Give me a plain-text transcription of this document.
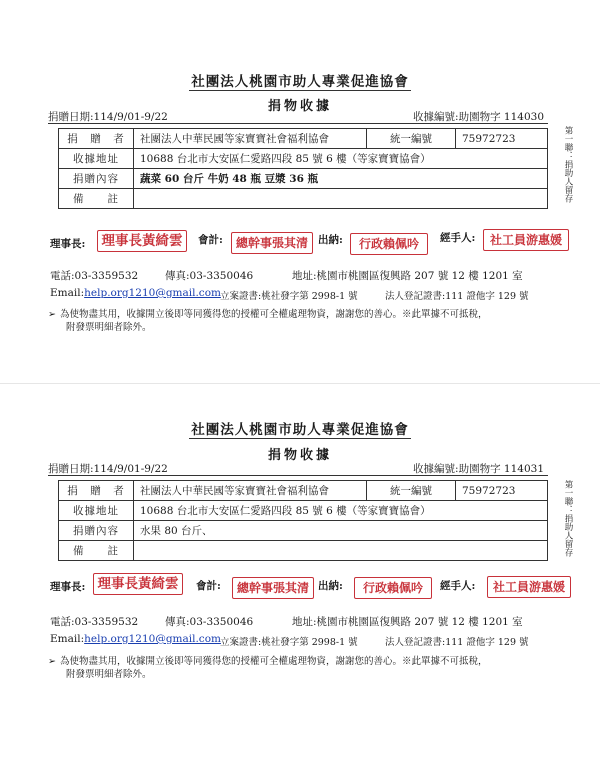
社團法人桃園市助人專業促進協會
捐物收據
捐贈日期:114/9/01-9/22	收據編號:助園物字 114030
捐　贈　者	社團法人中華民國等家寶寶社會福利協會	統一編號	75972723
收據地址	10688 台北市大安區仁愛路四段 85 號 6 樓（等家寶寶協會）		
捐贈內容	蔬菜 60 台斤 牛奶 48 瓶 豆漿 36 瓶		
備　　註				第一聯：捐助人留存
理事長:	理事長黃綺雲	會計:	總幹事張其清 出納:	行政賴佩吟	經手人:	社工員游惠媛
電話:03-3359532	傳真:03-3350046	地址:桃園市桃園區復興路 207 號 12 樓 1201 室
Email:help.org1210@gmail.com 立案證書:桃社發字第 2998-1 號	法人登記證書:111 證他字 129 號
➢ 為使物盡其用，收據開立後即等同獲得您的授權可全權處理物資，謝謝您的善心。※此單據不可抵稅，
附發票明細者除外。
社團法人桃園市助人專業促進協會
捐物收據
捐贈日期:114/9/01-9/22	收據編號:助園物字 114031
捐　贈　者	社團法人中華民國等家寶寶社會福利協會	統一編號	75972723
收據地址	10688 台北市大安區仁愛路四段 85 號 6 樓（等家寶寶協會）		
捐贈內容	水果 80 台斤、		
備　　註				第一聯：捐助人留存
理事長: 理事長黃綺雲	會計:	總幹事張其清 出納:	行政賴佩吟	經手人:	社工員游惠媛
電話:03-3359532	傳真:03-3350046	地址:桃園市桃園區復興路 207 號 12 樓 1201 室
Email:help.org1210@gmail.com 立案證書:桃社發字第 2998-1 號	法人登記證書:111 證他字 129 號
➢ 為使物盡其用，收據開立後即等同獲得您的授權可全權處理物資，謝謝您的善心。※此單據不可抵稅，
附發票明細者除外。
